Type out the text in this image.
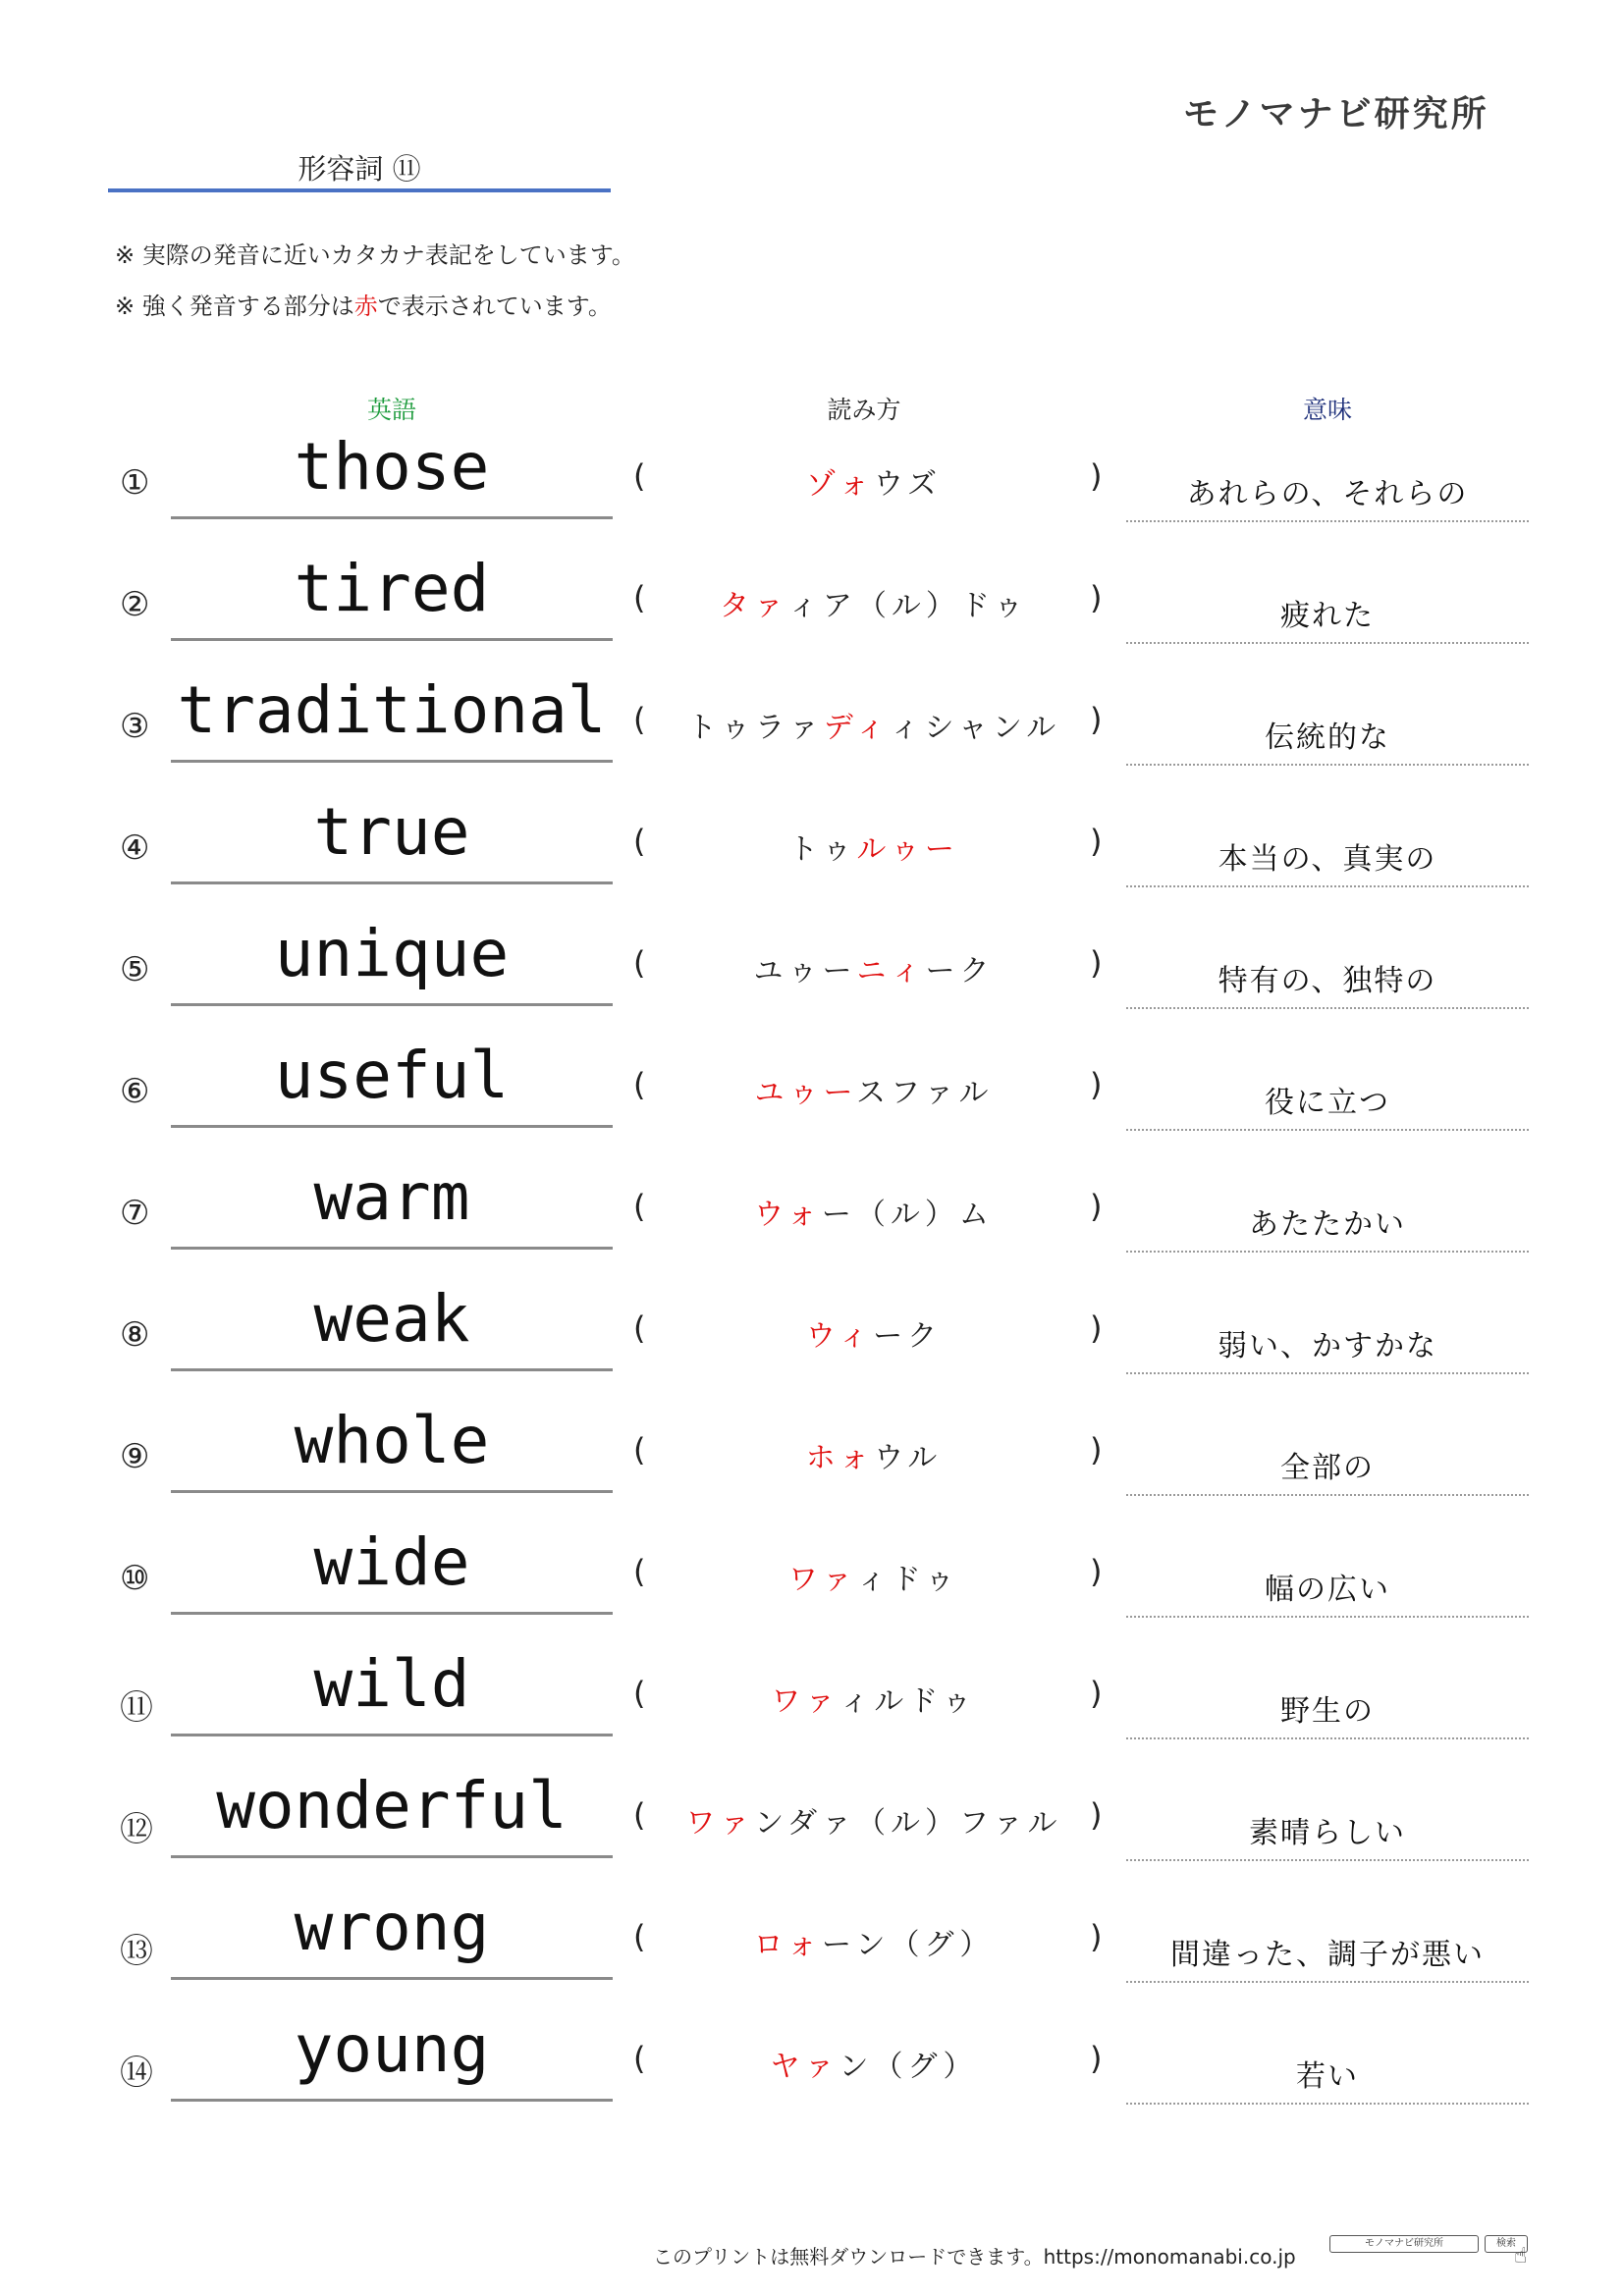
モノマナビ研究所
形容詞 ⑪
※ 実際の発音に近いカタカナ表記をしています。
※ 強く発音する部分は赤で表示されています。
英語	読み方	意味
①	those	(	ゾォウズ	)	あれらの、それらの
②	tired	(	タァィア（ル）ドゥ	)	疲れた
③ traditional (	トゥラァディィシャンル )	伝統的な
④	true	(	トゥルゥー	)	本当の、真実の
⑤	unique	(	ユゥーニィーク	)	特有の、独特の
⑥	useful	(	ユゥースファル	)	役に立つ
⑦	warm	(	ウォー（ル）ム	)	あたたかい
⑧	weak	(	ウィーク	)	弱い、かすかな
⑨	whole	(	ホォウル	)	全部の
⑩	wide	(	ワァィドゥ	)	幅の広い
⑪	wild	(	ワァィルドゥ	)	野生の
⑫ wonderful	(	ワァンダァ（ル）ファル )	素晴らしい
⑬	wrong	(	ロォーン（グ）	)	間違った、調子が悪い
⑭	young	(	ヤァン（グ）	)	若い
このプリントは無料ダウンロードできます。https://monomanabi.co.jp
モノマナビ研究所	検索
☝
